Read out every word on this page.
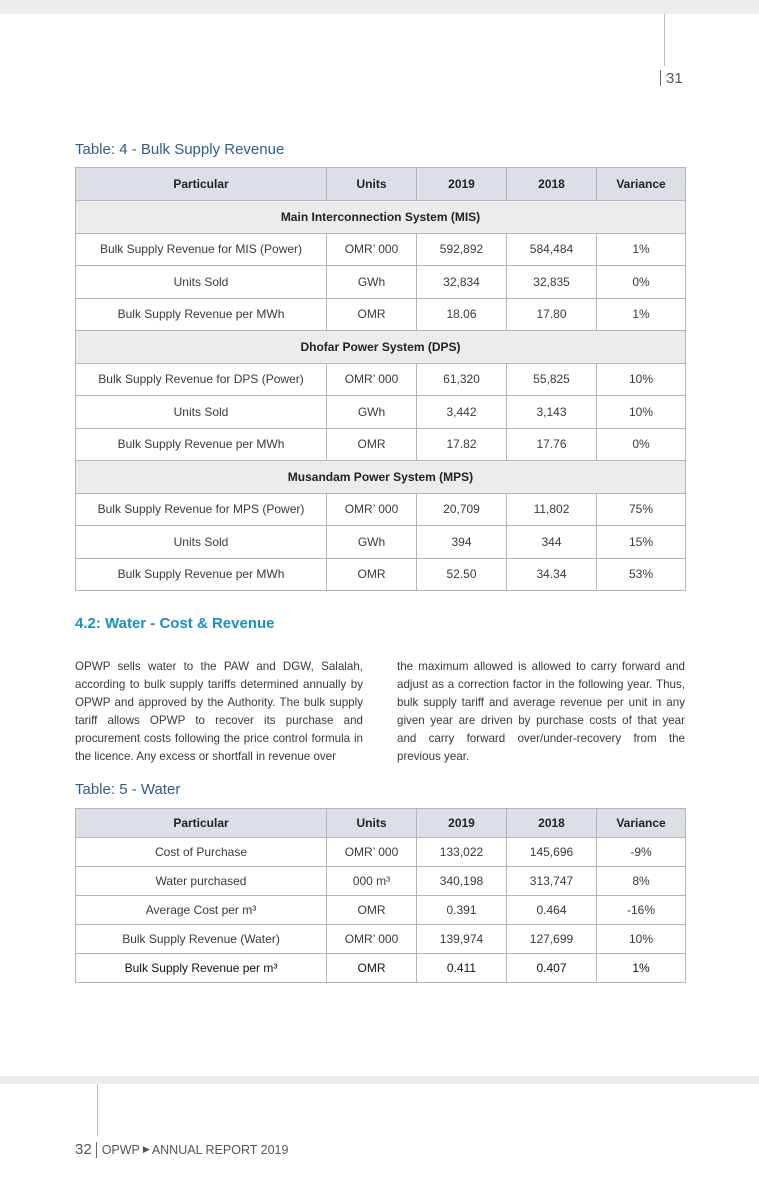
31
Table: 4 - Bulk Supply Revenue
Particular	Units	2019	2018	Variance
Main Interconnection System (MIS)				
Bulk Supply Revenue for MIS (Power)	OMR’ 000	592,892	584,484	1%
Units Sold	GWh	32,834	32,835	0%
Bulk Supply Revenue per MWh	OMR	18.06	17.80	1%
Dhofar Power System (DPS)				
Bulk Supply Revenue for DPS (Power)	OMR’ 000	61,320	55,825	10%
Units Sold	GWh	3,442	3,143	10%
Bulk Supply Revenue per MWh	OMR	17.82	17.76	0%
Musandam Power System (MPS)				
Bulk Supply Revenue for MPS (Power)	OMR’ 000	20,709	11,802	75%
Units Sold	GWh	394	344	15%
Bulk Supply Revenue per MWh	OMR	52.50	34.34	53%
4.2: Water - Cost & Revenue

OPWP sells water to the PAW and DGW, Salalah, according to bulk supply tariffs determined annually by OPWP and approved by the Authority. The bulk supply tariff allows OPWP to recover its purchase and procurement costs following the price control formula in the licence. Any excess or shortfall in revenue over

the maximum allowed is allowed to carry forward and adjust as a correction factor in the following year. Thus, bulk supply tariff and average revenue per unit in any given year are driven by purchase costs of that year and carry forward over/under-recovery from the previous year.

Table: 5 - Water
Particular	Units	2019	2018	Variance
Cost of Purchase	OMR’ 000	133,022	145,696	-9%
Water purchased	000 m³	340,198	313,747	8%
Average Cost per m³	OMR	0.391	0.464	-16%
Bulk Supply Revenue (Water)	OMR’ 000	139,974	127,699	10%
Bulk Supply Revenue per m³	OMR	0.411	0.407	1%
32 OPWP ▶ ANNUAL REPORT 2019
